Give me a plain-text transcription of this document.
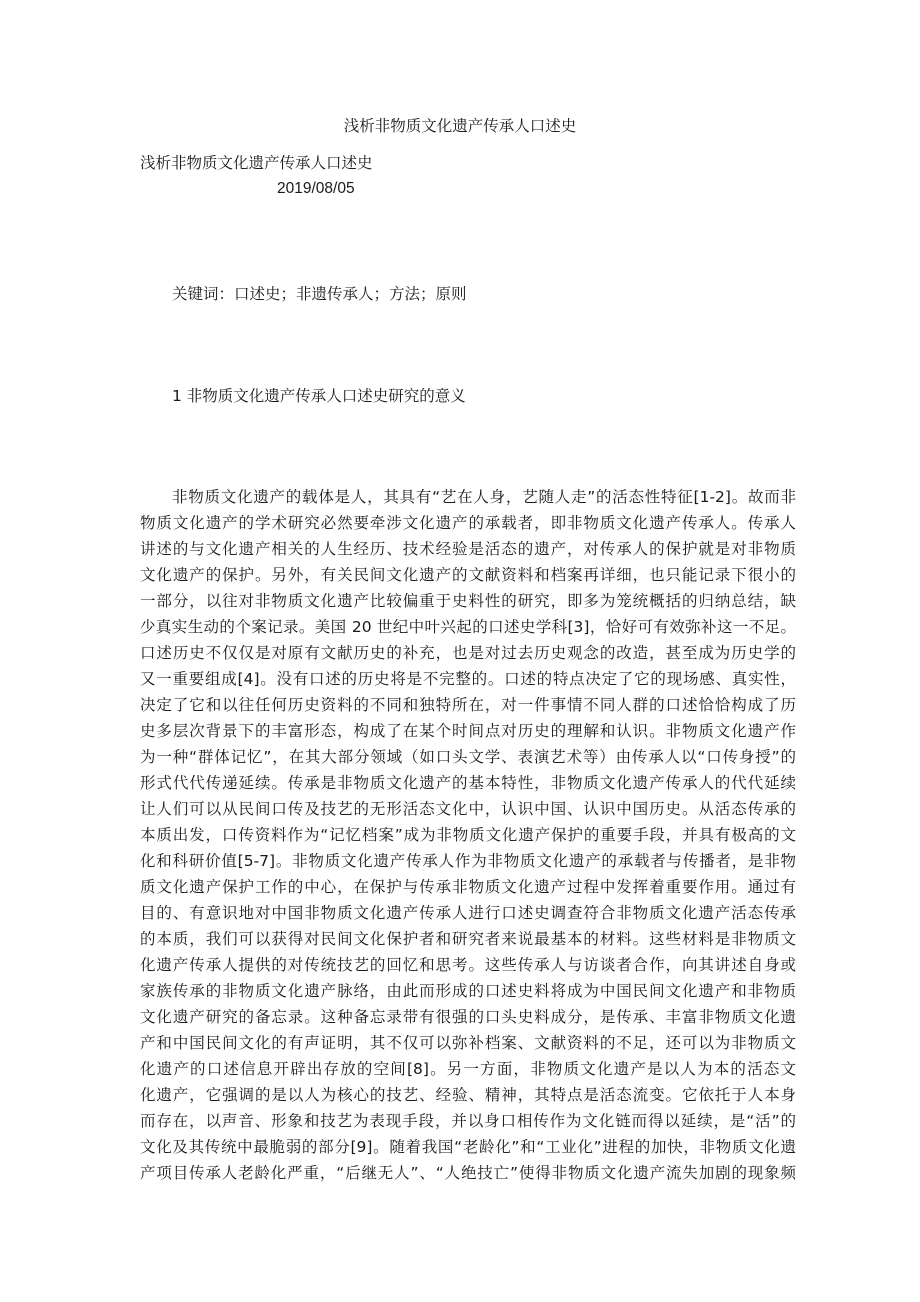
浅析非物质文化遗产传承人口述史
浅析非物质文化遗产传承人口述史
2019/08/05
关键词：口述史；非遗传承人；方法；原则
1 非物质文化遗产传承人口述史研究的意义
非物质文化遗产的载体是人，其具有“艺在人身，艺随人走”的活态性特征[1-2]。故而非
物质文化遗产的学术研究必然要牵涉文化遗产的承载者，即非物质文化遗产传承人。传承人
讲述的与文化遗产相关的人生经历、技术经验是活态的遗产，对传承人的保护就是对非物质
文化遗产的保护。另外，有关民间文化遗产的文献资料和档案再详细，也只能记录下很小的
一部分，以往对非物质文化遗产比较偏重于史料性的研究，即多为笼统概括的归纳总结，缺
少真实生动的个案记录。美国 20 世纪中叶兴起的口述史学科[3]，恰好可有效弥补这一不足。
口述历史不仅仅是对原有文献历史的补充，也是对过去历史观念的改造，甚至成为历史学的
又一重要组成[4]。没有口述的历史将是不完整的。口述的特点决定了它的现场感、真实性，
决定了它和以往任何历史资料的不同和独特所在，对一件事情不同人群的口述恰恰构成了历
史多层次背景下的丰富形态，构成了在某个时间点对历史的理解和认识。非物质文化遗产作
为一种“群体记忆”，在其大部分领域（如口头文学、表演艺术等）由传承人以“口传身授”的
形式代代传递延续。传承是非物质文化遗产的基本特性，非物质文化遗产传承人的代代延续
让人们可以从民间口传及技艺的无形活态文化中，认识中国、认识中国历史。从活态传承的
本质出发，口传资料作为“记忆档案”成为非物质文化遗产保护的重要手段，并具有极高的文
化和科研价值[5-7]。非物质文化遗产传承人作为非物质文化遗产的承载者与传播者，是非物
质文化遗产保护工作的中心，在保护与传承非物质文化遗产过程中发挥着重要作用。通过有
目的、有意识地对中国非物质文化遗产传承人进行口述史调查符合非物质文化遗产活态传承
的本质，我们可以获得对民间文化保护者和研究者来说最基本的材料。这些材料是非物质文
化遗产传承人提供的对传统技艺的回忆和思考。这些传承人与访谈者合作，向其讲述自身或
家族传承的非物质文化遗产脉络，由此而形成的口述史料将成为中国民间文化遗产和非物质
文化遗产研究的备忘录。这种备忘录带有很强的口头史料成分，是传承、丰富非物质文化遗
产和中国民间文化的有声证明，其不仅可以弥补档案、文献资料的不足，还可以为非物质文
化遗产的口述信息开辟出存放的空间[8]。另一方面，非物质文化遗产是以人为本的活态文
化遗产，它强调的是以人为核心的技艺、经验、精神，其特点是活态流变。它依托于人本身
而存在，以声音、形象和技艺为表现手段，并以身口相传作为文化链而得以延续，是“活”的
文化及其传统中最脆弱的部分[9]。随着我国“老龄化”和“工业化”进程的加快，非物质文化遗
产项目传承人老龄化严重，“后继无人”、“人绝技亡”使得非物质文化遗产流失加剧的现象频
